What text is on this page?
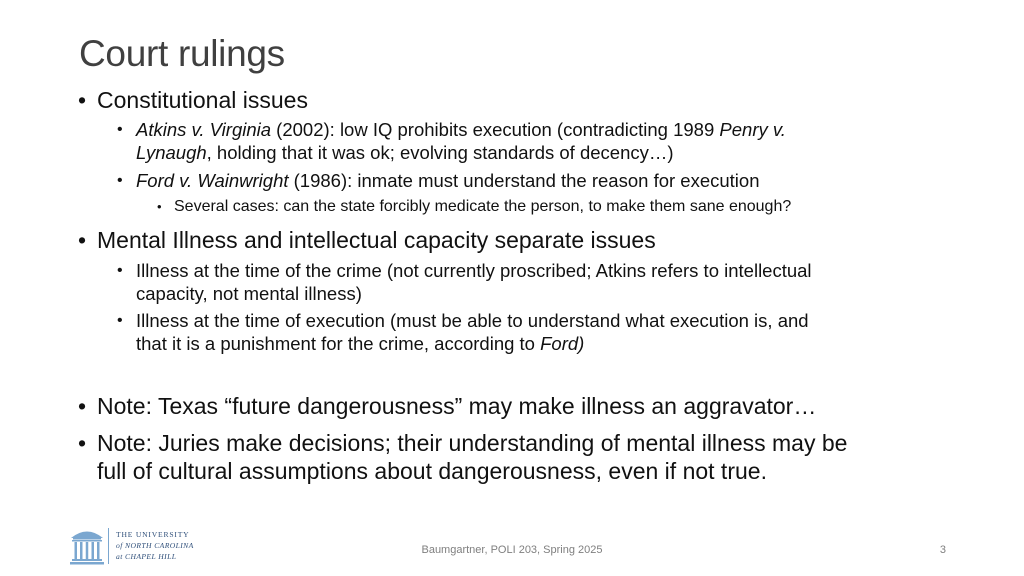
Court rulings
• Constitutional issues
• Atkins v. Virginia (2002): low IQ prohibits execution (contradicting 1989 Penry v.
Lynaugh, holding that it was ok; evolving standards of decency…)
• Ford v. Wainwright (1986): inmate must understand the reason for execution
• Several cases: can the state forcibly medicate the person, to make them sane enough?
• Mental Illness and intellectual capacity separate issues
• Illness at the time of the crime (not currently proscribed; Atkins refers to intellectual
capacity, not mental illness)
• Illness at the time of execution (must be able to understand what execution is, and
that it is a punishment for the crime, according to Ford)
• Note: Texas “future dangerousness” may make illness an aggravator…
• Note: Juries make decisions; their understanding of mental illness may be
full of cultural assumptions about dangerousness, even if not true.
THE UNIVERSITY
of NORTH CAROLINA
at CHAPEL HILL
Baumgartner, POLI 203, Spring 2025	3
